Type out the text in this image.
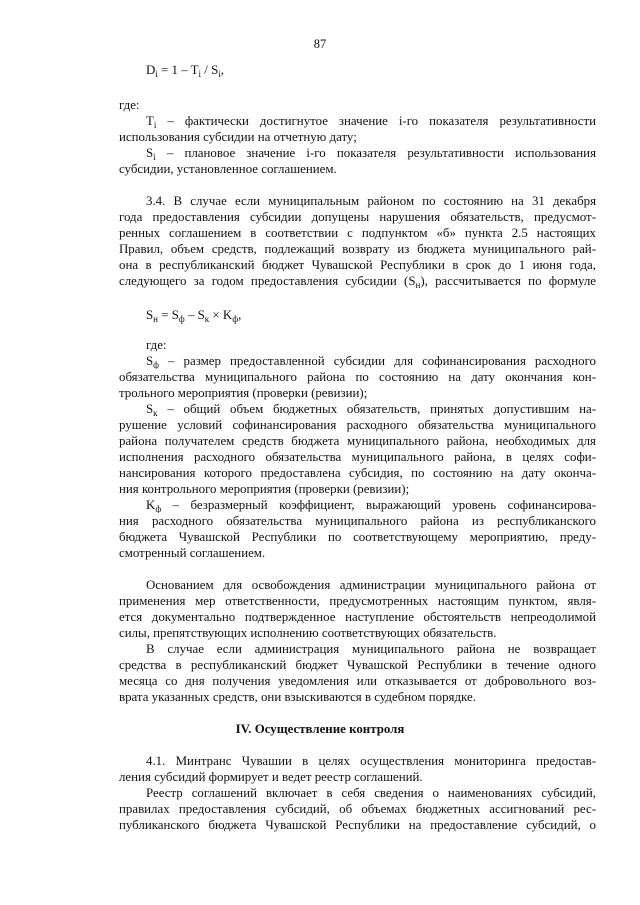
87
$D_i = 1 - T_i / S_i$,
где:
$T_i$ – фактически достигнутое значение i-го показателя результативности
использования субсидии на отчетную дату;
$S_i$ – плановое значение i-го показателя результативности использования
субсидии, установленное соглашением.
3.4. В случае если муниципальным районом по состоянию на 31 декабря
года предоставления субсидии допущены нарушения обязательств, предусмот-
ренных соглашением в соответствии с подпунктом «б» пункта 2.5 настоящих
Правил, объем средств, подлежащий возврату из бюджета муниципального рай-
она в республиканский бюджет Чувашской Республики в срок до 1 июня года,
следующего за годом предоставления субсидии $(S_н)$, рассчитывается по формуле
$S_н = S_ф - S_к \times K_ф$,
где:
$S_ф$ – размер предоставленной субсидии для софинансирования расходного
обязательства муниципального района по состоянию на дату окончания кон-
трольного мероприятия (проверки (ревизии);
$S_к$ – общий объем бюджетных обязательств, принятых допустившим на-
рушение условий софинансирования расходного обязательства муниципального
района получателем средств бюджета муниципального района, необходимых для
исполнения расходного обязательства муниципального района, в целях софи-
нансирования которого предоставлена субсидия, по состоянию на дату оконча-
ния контрольного мероприятия (проверки (ревизии);
$K_ф$ – безразмерный коэффициент, выражающий уровень софинансирова-
ния расходного обязательства муниципального района из республиканского
бюджета Чувашской Республики по соответствующему мероприятию, преду-
смотренный соглашением.
Основанием для освобождения администрации муниципального района от
применения мер ответственности, предусмотренных настоящим пунктом, явля-
ется документально подтвержденное наступление обстоятельств непреодолимой
силы, препятствующих исполнению соответствующих обязательств.
В случае если администрация муниципального района не возвращает
средства в республиканский бюджет Чувашской Республики в течение одного
месяца со дня получения уведомления или отказывается от добровольного воз-
врата указанных средств, они взыскиваются в судебном порядке.
IV. Осуществление контроля
4.1. Минтранс Чувашии в целях осуществления мониторинга предостав-
ления субсидий формирует и ведет реестр соглашений.
Реестр соглашений включает в себя сведения о наименованиях субсидий,
правилах предоставления субсидий, об объемах бюджетных ассигнований рес-
публиканского бюджета Чувашской Республики на предоставление субсидий, о
